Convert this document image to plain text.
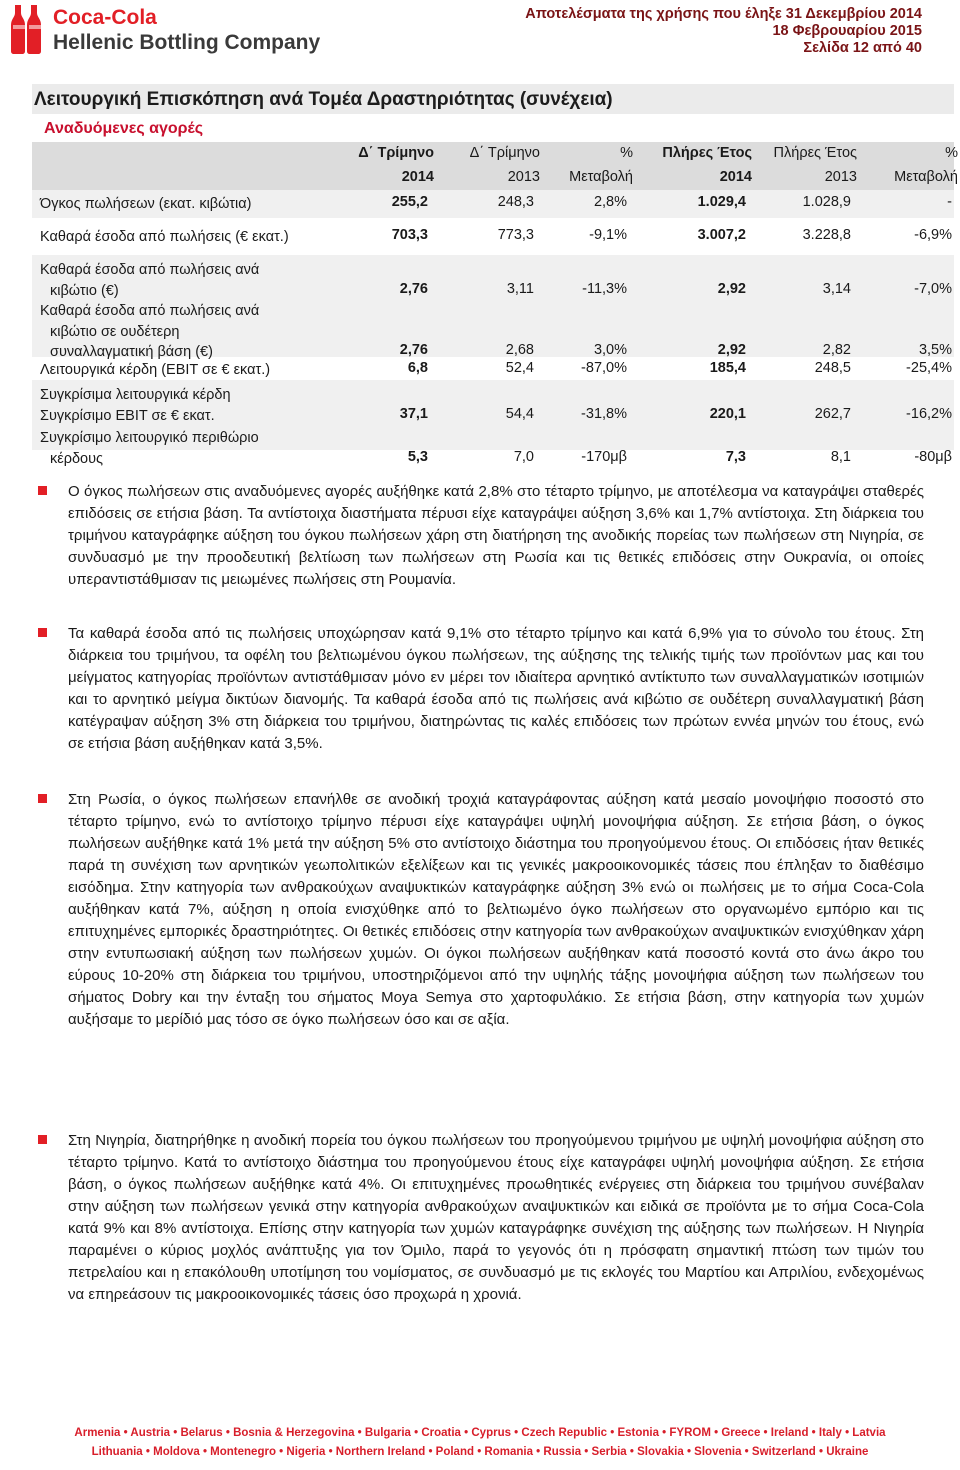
Coca-Cola
Hellenic Bottling Company
Αποτελέσματα της χρήσης που έληξε 31 Δεκεμβρίου 2014
18 Φεβρουαρίου 2015
Σελίδα 12 από 40
Λειτουργική Επισκόπηση ανά Τομέα Δραστηριότητας (συνέχεια)
Αναδυόμενες αγορές
Armenia • Austria • Belarus • Bosnia & Herzegovina • Bulgaria • Croatia • Cyprus • Czech Republic • Estonia • FYROM • Greece • Ireland • Italy • Latvia
Lithuania • Moldova • Montenegro • Nigeria • Northern Ireland • Poland • Romania • Russia • Serbia • Slovakia • Slovenia • Switzerland • Ukraine
Δ΄ Τρίμηνο	Δ΄ Τρίμηνο	%	Πλήρες Έτος	Πλήρες Έτος	%
2014	2013	Μεταβολή	2014	2013	Μεταβολή
Όγκος πωλήσεων (εκατ. κιβώτια)	255,2	248,3	2,8%	1.029,4	1.028,9	-
Καθαρά έσοδα από πωλήσεις (€ εκατ.)	703,3	773,3	-9,1%	3.007,2	3.228,8	-6,9%
Καθαρά έσοδα από πωλήσεις ανά
κιβώτιο (€)	2,76	3,11	-11,3%	2,92	3,14	-7,0%
Καθαρά έσοδα από πωλήσεις ανά
κιβώτιο σε ουδέτερη
συναλλαγματική βάση (€)	2,76	2,68	3,0%	2,92	2,82	3,5%
Λειτουργικά κέρδη (EBIT σε € εκατ.)	6,8	52,4	-87,0%	185,4	248,5	-25,4%
Συγκρίσιμα λειτουργικά κέρδη
Συγκρίσιμο EBIT σε € εκατ.	37,1	54,4	-31,8%	220,1	262,7	-16,2%
Συγκρίσιμο λειτουργικό περιθώριο
κέρδους	5,3	7,0	-170μβ	7,3	8,1	-80μβ
Ο όγκος πωλήσεων στις αναδυόμενες αγορές αυξήθηκε κατά 2,8% στο τέταρτο τρίμηνο, με αποτέλεσμα να καταγράψει σταθερές επιδόσεις σε ετήσια βάση. Τα αντίστοιχα διαστήματα πέρυσι είχε καταγράψει αύξηση 3,6% και 1,7% αντίστοιχα. Στη διάρκεια του τριμήνου καταγράφηκε αύξηση του όγκου πωλήσεων χάρη στη διατήρηση της ανοδικής πορείας των πωλήσεων στη Νιγηρία, σε συνδυασμό με την προοδευτική βελτίωση των πωλήσεων στη Ρωσία και τις θετικές επιδόσεις στην Ουκρανία, οι οποίες υπεραντιστάθμισαν τις μειωμένες πωλήσεις στη Ρουμανία.
Τα καθαρά έσοδα από τις πωλήσεις υποχώρησαν κατά 9,1% στο τέταρτο τρίμηνο και κατά 6,9% για το σύνολο του έτους. Στη διάρκεια του τριμήνου, τα οφέλη του βελτιωμένου όγκου πωλήσεων, της αύξησης της τελικής τιμής των προϊόντων μας και του μείγματος κατηγορίας προϊόντων αντιστάθμισαν μόνο εν μέρει τον ιδιαίτερα αρνητικό αντίκτυπο των συναλλαγματικών ισοτιμιών και το αρνητικό μείγμα δικτύων διανομής. Τα καθαρά έσοδα από τις πωλήσεις ανά κιβώτιο σε ουδέτερη συναλλαγματική βάση κατέγραψαν αύξηση 3% στη διάρκεια του τριμήνου, διατηρώντας τις καλές επιδόσεις των πρώτων εννέα μηνών του έτους, ενώ σε ετήσια βάση αυξήθηκαν κατά 3,5%.
Στη Ρωσία, ο όγκος πωλήσεων επανήλθε σε ανοδική τροχιά καταγράφοντας αύξηση κατά μεσαίο μονοψήφιο ποσοστό στο τέταρτο τρίμηνο, ενώ το αντίστοιχο τρίμηνο πέρυσι είχε καταγράψει υψηλή μονοψήφια αύξηση. Σε ετήσια βάση, ο όγκος πωλήσεων αυξήθηκε κατά 1% μετά την αύξηση 5% στο αντίστοιχο διάστημα του προηγούμενου έτους. Οι επιδόσεις ήταν θετικές παρά τη συνέχιση των αρνητικών γεωπολιτικών εξελίξεων και τις γενικές μακροοικονομικές τάσεις που έπληξαν το διαθέσιμο εισόδημα. Στην κατηγορία των ανθρακούχων αναψυκτικών καταγράφηκε αύξηση 3% ενώ οι πωλήσεις με το σήμα Coca-Cola αυξήθηκαν κατά 7%, αύξηση η οποία ενισχύθηκε από το βελτιωμένο όγκο πωλήσεων στο οργανωμένο εμπόριο και τις επιτυχημένες εμπορικές δραστηριότητες. Οι θετικές επιδόσεις στην κατηγορία των ανθρακούχων αναψυκτικών ενισχύθηκαν χάρη στην εντυπωσιακή αύξηση των πωλήσεων χυμών. Οι όγκοι πωλήσεων αυξήθηκαν κατά ποσοστό κοντά στο άνω άκρο του εύρους 10-20% στη διάρκεια του τριμήνου, υποστηριζόμενοι από την υψηλής τάξης μονοψήφια αύξηση των πωλήσεων του σήματος Dobry και την ένταξη του σήματος Moya Semya στο χαρτοφυλάκιο. Σε ετήσια βάση, στην κατηγορία των χυμών αυξήσαμε το μερίδιό μας τόσο σε όγκο πωλήσεων όσο και σε αξία.
Στη Νιγηρία, διατηρήθηκε η ανοδική πορεία του όγκου πωλήσεων του προηγούμενου τριμήνου με υψηλή μονοψήφια αύξηση στο τέταρτο τρίμηνο. Κατά το αντίστοιχο διάστημα του προηγούμενου έτους είχε καταγράφει υψηλή μονοψήφια αύξηση. Σε ετήσια βάση, ο όγκος πωλήσεων αυξήθηκε κατά 4%. Οι επιτυχημένες προωθητικές ενέργειες στη διάρκεια του τριμήνου συνέβαλαν στην αύξηση των πωλήσεων γενικά στην κατηγορία ανθρακούχων αναψυκτικών και ειδικά σε προϊόντα με το σήμα Coca-Cola κατά 9% και 8% αντίστοιχα. Επίσης στην κατηγορία των χυμών καταγράφηκε συνέχιση της αύξησης των πωλήσεων. Η Νιγηρία παραμένει ο κύριος μοχλός ανάπτυξης για τον Όμιλο, παρά το γεγονός ότι η πρόσφατη σημαντική πτώση των τιμών του πετρελαίου και η επακόλουθη υποτίμηση του νομίσματος, σε συνδυασμό με τις εκλογές του Μαρτίου και Απριλίου, ενδεχομένως να επηρεάσουν τις μακροοικονομικές τάσεις όσο προχωρά η χρονιά.
